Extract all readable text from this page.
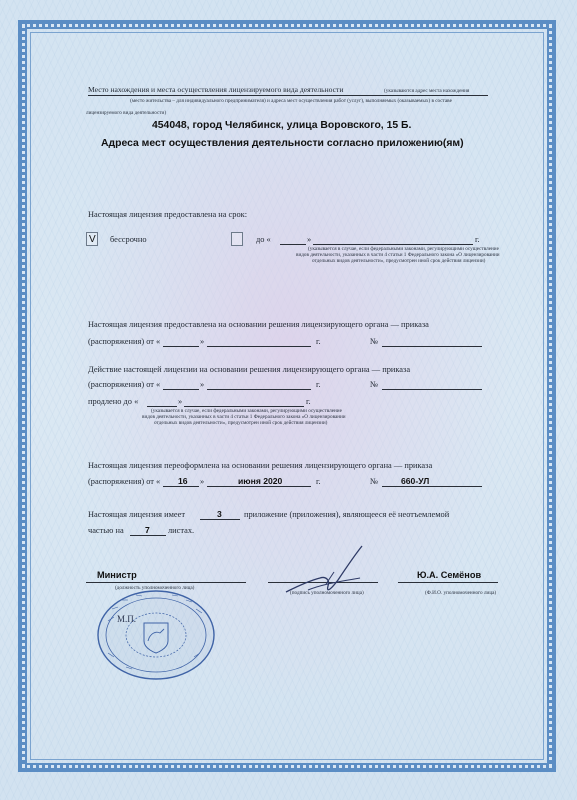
Место нахождения и места осуществления лицензируемого вида деятельности	(указываются адрес места нахождения
(место жительства – для индивидуального предпринимателя) и адреса мест осуществления работ (услуг), выполняемых (оказываемых) в составе
лицензируемого вида деятельности)
454048, город Челябинск, улица Воровского, 15 Б.
Адреса мест осуществления деятельности согласно приложению(ям)
Настоящая лицензия предоставлена на срок:
V бессрочно	до «	»	г.
(указывается в случае, если федеральными законами, регулирующими осуществление
видов деятельности, указанных в части 4 статьи 1 Федерального закона «О лицензировании
отдельных видов деятельности», предусмотрен иной срок действия лицензии)
Настоящая лицензия предоставлена на основании решения лицензирующего органа — приказа
(распоряжения) от «	»	г.	№
Действие настоящей лицензии на основании решения лицензирующего органа — приказа
(распоряжения) от «	»	г.	№
продлено до «	»	г.
(указывается в случае, если федеральными законами, регулирующими осуществление
видов деятельности, указанных в части 4 статьи 1 Федерального закона «О лицензировании
отдельных видов деятельности», предусмотрен иной срок действия лицензии)
Настоящая лицензия переоформлена на основании решения лицензирующего органа — приказа
(распоряжения) от « 16 »	июня 2020	г.	№	660-УЛ
Настоящая лицензия имеет	3	приложение (приложения), являющееся её неотъемлемой
частью на 7 листах.
Министр
(должность уполномоченного лица)
(подпись уполномоченного лица)
Ю.А. Семёнов
(Ф.И.О. уполномоченного лица)
М.П.
